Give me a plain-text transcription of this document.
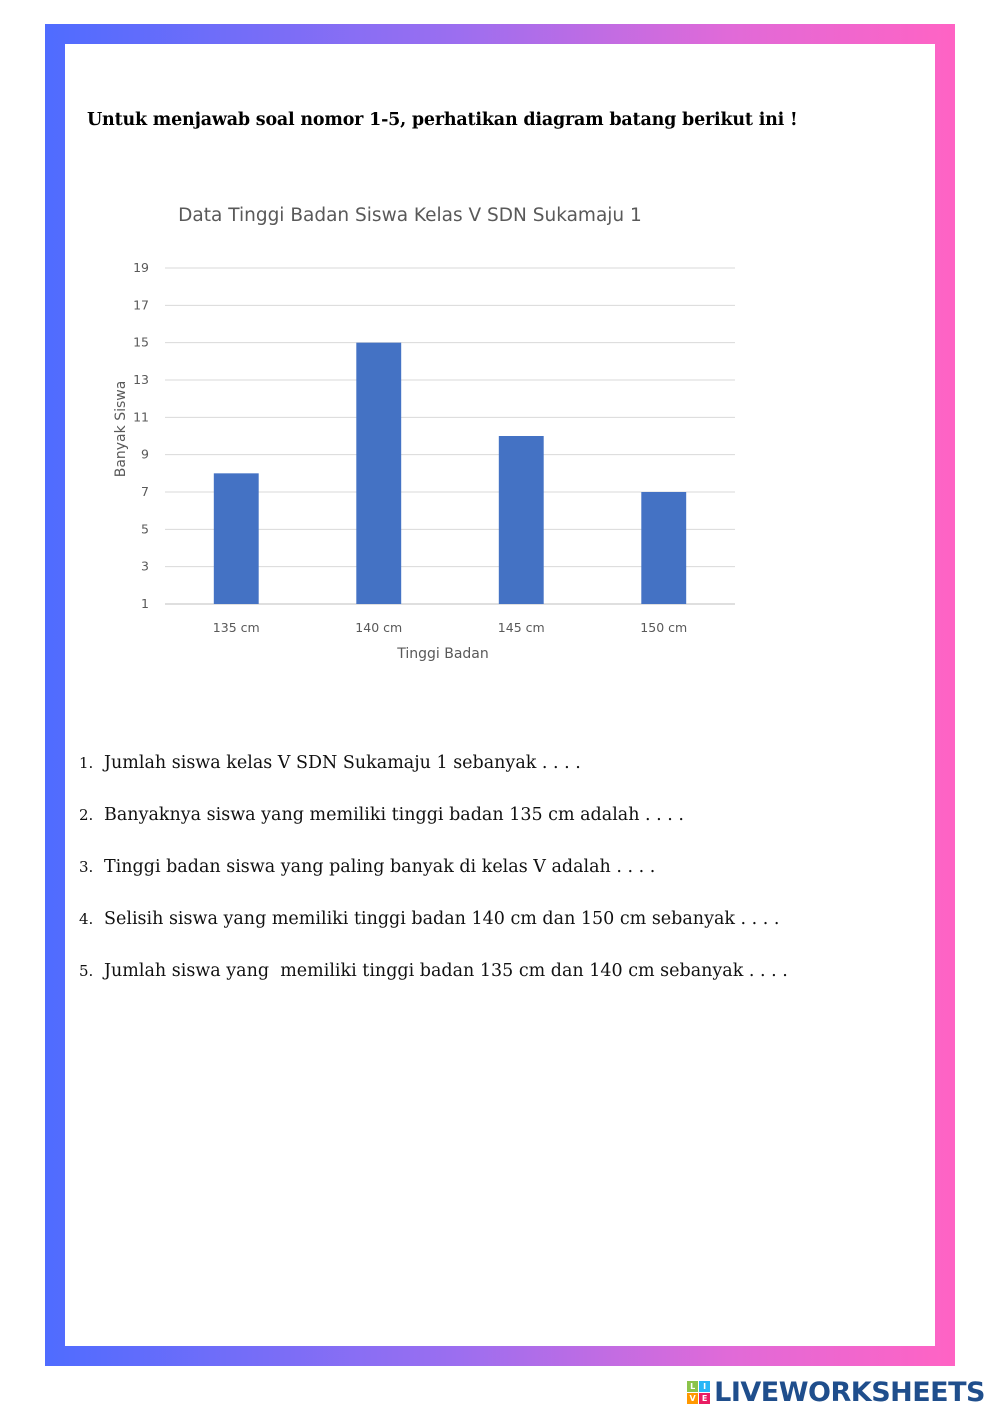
Untuk menjawab soal nomor 1-5, perhatikan diagram batang berikut ini !

Data Tinggi Badan Siswa Kelas V SDN Sukamaju 1
1
3
5
7
9
11
13
15
17
19
135 cm	140 cm	145 cm	150 cm
Tinggi Badan
Banyak Siswa
1. Jumlah siswa kelas V SDN Sukamaju 1 sebanyak . . . .
2. Banyaknya siswa yang memiliki tinggi badan 135 cm adalah . . . .
3. Tinggi badan siswa yang paling banyak di kelas V adalah . . . .
4. Selisih siswa yang memiliki tinggi badan 140 cm dan 150 cm sebanyak . . . .
5. Jumlah siswa yang  memiliki tinggi badan 135 cm dan 140 cm sebanyak . . . .
L I
V E LIVEWORKSHEETS
